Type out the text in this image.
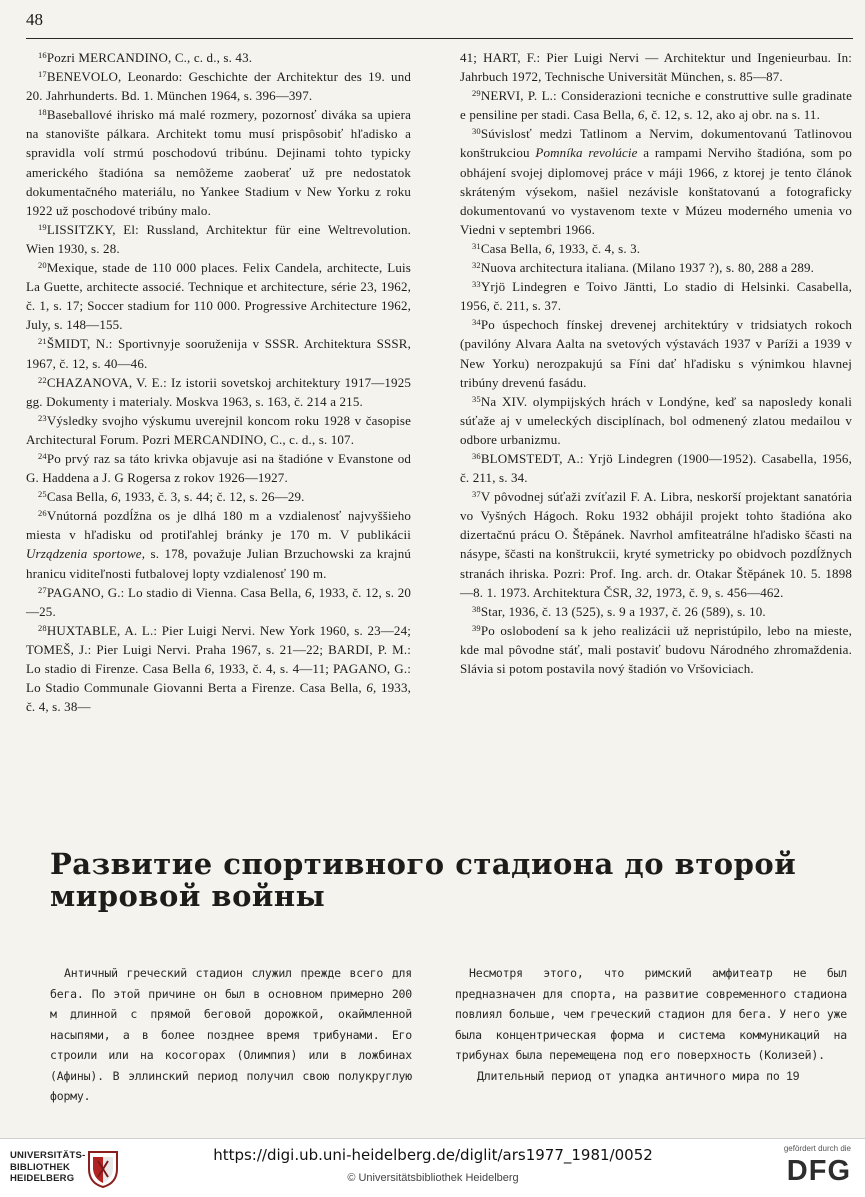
48

$^{16}$Pozri MERCANDINO, C., c. d., s. 43.

$^{17}$BENEVOLO, Leonardo: Geschichte der Architektur des 19. und 20. Jahrhunderts. Bd. 1. München 1964, s. 396—397.

$^{18}$Baseballové ihrisko má malé rozmery, pozornosť diváka sa upiera na stanovište pálkara. Architekt tomu musí prispôsobiť hľadisko a spravidla volí strmú poschodovú tribúnu. Dejinami tohto typicky amerického štadióna sa nemôžeme zaoberať už pre nedostatok dokumentačného materiálu, no Yankee Stadium v New Yorku z roku 1922 už poschodové tribúny malo.

$^{19}$LISSITZKY, El: Russland, Architektur für eine Weltrevolution. Wien 1930, s. 28.

$^{20}$Mexique, stade de 110 000 places. Felix Candela, architecte, Luis La Guette, architecte associé. Technique et architecture, série 23, 1962, č. 1, s. 17; Soccer stadium for 110 000. Progressive Architecture 1962, July, s. 148—155.

$^{21}$ŠMIDT, N.: Sportivnyje sooruženija v SSSR. Architektura SSSR, 1967, č. 12, s. 40—46.

$^{22}$CHAZANOVA, V. E.: Iz istorii sovetskoj architektury 1917—1925 gg. Dokumenty i materialy. Moskva 1963, s. 163, č. 214 a 215.

$^{23}$Výsledky svojho výskumu uverejnil koncom roku 1928 v časopise Architectural Forum. Pozri MERCANDINO, C., c. d., s. 107.

$^{24}$Po prvý raz sa táto krivka objavuje asi na štadióne v Evanstone od G. Haddena a J. G Rogersa z rokov 1926—1927.

$^{25}$Casa Bella, 6, 1933, č. 3, s. 44; č. 12, s. 26—29.

$^{26}$Vnútorná pozdĺžna os je dlhá 180 m a vzdialenosť najvyššieho miesta v hľadisku od protiľahlej bránky je 170 m. V publikácii Urządzenia sportowe, s. 178, považuje Julian Brzuchowski za krajnú hranicu viditeľnosti futbalovej lopty vzdialenosť 190 m.

$^{27}$PAGANO, G.: Lo stadio di Vienna. Casa Bella, 6, 1933, č. 12, s. 20—25.

$^{28}$HUXTABLE, A. L.: Pier Luigi Nervi. New York 1960, s. 23—24; TOMEŠ, J.: Pier Luigi Nervi. Praha 1967, s. 21—22; BARDI, P. M.: Lo stadio di Firenze. Casa Bella 6, 1933, č. 4, s. 4—11; PAGANO, G.: Lo Stadio Communale Giovanni Berta a Firenze. Casa Bella, 6, 1933, č. 4, s. 38—

41; HART, F.: Pier Luigi Nervi — Architektur und Ingenieurbau. In: Jahrbuch 1972, Technische Universität München, s. 85—87.

$^{29}$NERVI, P. L.: Considerazioni tecniche e construttive sulle gradinate e pensiline per stadi. Casa Bella, 6, č. 12, s. 12, ako aj obr. na s. 11.

$^{30}$Súvislosť medzi Tatlinom a Nervim, dokumentovanú Tatlinovou konštrukciou Pomníka revolúcie a rampami Nerviho štadióna, som po obhájení svojej diplomovej práce v máji 1966, z ktorej je tento článok skráteným výsekom, našiel nezávisle konštatovanú a fotograficky dokumentovanú vo vystavenom texte v Múzeu moderného umenia vo Viedni v septembri 1966.

$^{31}$Casa Bella, 6, 1933, č. 4, s. 3.

$^{32}$Nuova architectura italiana. (Milano 1937 ?), s. 80, 288 a 289.

$^{33}$Yrjö Lindegren e Toivo Jäntti, Lo stadio di Helsinki. Casabella, 1956, č. 211, s. 37.

$^{34}$Po úspechoch fínskej drevenej architektúry v tridsiatych rokoch (pavilóny Alvara Aalta na svetových výstavách 1937 v Paríži a 1939 v New Yorku) nerozpakujú sa Fíni dať hľadisku s výnimkou hlavnej tribúny drevenú fasádu.

$^{35}$Na XIV. olympijských hrách v Londýne, keď sa naposledy konali súťaže aj v umeleckých disciplínach, bol odmenený zlatou medailou v odbore urbanizmu.

$^{36}$BLOMSTEDT, A.: Yrjö Lindegren (1900—1952). Casabella, 1956, č. 211, s. 34.

$^{37}$V pôvodnej súťaži zvíťazil F. A. Libra, neskorší projektant sanatória vo Vyšných Hágoch. Roku 1932 obhájil projekt tohto štadióna ako dizertačnú prácu O. Štěpánek. Navrhol amfiteatrálne hľadisko ščasti na násype, ščasti na konštrukcii, kryté symetricky po obidvoch pozdĺžnych stranách ihriska. Pozri: Prof. Ing. arch. dr. Otakar Štěpánek 10. 5. 1898—8. 1. 1973. Architektura ČSR, 32, 1973, č. 9, s. 456—462.

$^{38}$Star, 1936, č. 13 (525), s. 9 a 1937, č. 26 (589), s. 10.

$^{39}$Po oslobodení sa k jeho realizácii už nepristúpilo, lebo na mieste, kde mal pôvodne stáť, mali postaviť budovu Národného zhromaždenia. Slávia si potom postavila nový štadión vo Vršoviciach.

Развитие спортивного стадиона до второй мировой войны

Античный греческий стадион служил прежде всего для бега. По этой причине он был в основном примерно 200 м длинной с прямой беговой дорожкой, окаймленной насыпями, а в более позднее время трибунами. Его строили или на косогорах (Олимпия) или в ложбинах (Афины). В эллинский период получил свою полукруглую форму.

Несмотря этого, что римский амфитеатр не был предназначен для спорта, на развитие современного стадиона повлиял больше, чем греческий стадион для бега. У него уже была концентрическая форма и система коммуникаций на трибунах была перемещена под его поверхность (Колизей).

Длительный период от упадка античного мира по 19

UNIVERSITÄTS-BIBLIOTHEK HEIDELBERG
https://digi.ub.uni-heidelberg.de/diglit/ars1977_1981/0052
© Universitätsbibliothek Heidelberg
gefördert durch die
DFG
